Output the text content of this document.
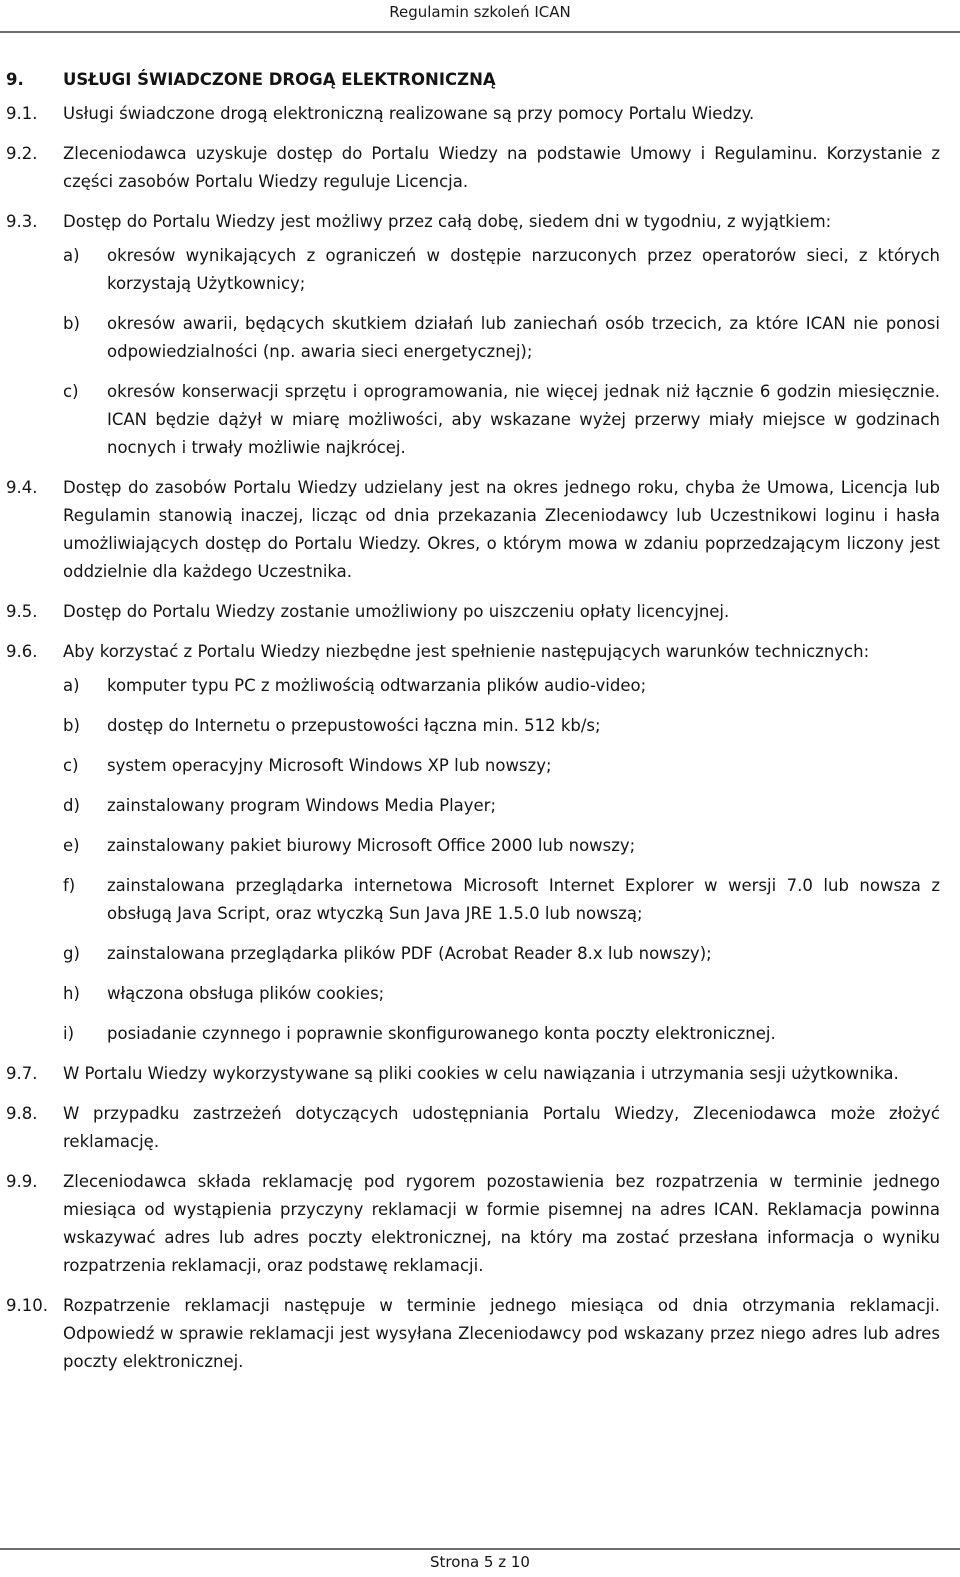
Regulamin szkoleń ICAN
9.	USŁUGI ŚWIADCZONE DROGĄ ELEKTRONICZNĄ
9.1.	Usługi świadczone drogą elektroniczną realizowane są przy pomocy Portalu Wiedzy.
9.2.	Zleceniodawca uzyskuje dostęp do Portalu Wiedzy na podstawie Umowy i Regulaminu. Korzystanie z części zasobów Portalu Wiedzy reguluje Licencja.
9.3.	Dostęp do Portalu Wiedzy jest możliwy przez całą dobę, siedem dni w tygodniu, z wyjątkiem:
a)	okresów wynikających z ograniczeń w dostępie narzuconych przez operatorów sieci, z których korzystają Użytkownicy;
b)	okresów awarii, będących skutkiem działań lub zaniechań osób trzecich, za które ICAN nie ponosi odpowiedzialności (np. awaria sieci energetycznej);
c)	okresów konserwacji sprzętu i oprogramowania, nie więcej jednak niż łącznie 6 godzin miesięcznie. ICAN będzie dążył w miarę możliwości, aby wskazane wyżej przerwy miały miejsce w godzinach nocnych i trwały możliwie najkrócej.
9.4.	Dostęp do zasobów Portalu Wiedzy udzielany jest na okres jednego roku, chyba że Umowa, Licencja lub Regulamin stanowią inaczej, licząc od dnia przekazania Zleceniodawcy lub Uczestnikowi loginu i hasła umożliwiających dostęp do Portalu Wiedzy. Okres, o którym mowa w zdaniu poprzedzającym liczony jest oddzielnie dla każdego Uczestnika.
9.5.	Dostęp do Portalu Wiedzy zostanie umożliwiony po uiszczeniu opłaty licencyjnej.
9.6.	Aby korzystać z Portalu Wiedzy niezbędne jest spełnienie następujących warunków technicznych:
a)	komputer typu PC z możliwością odtwarzania plików audio-video;
b)	dostęp do Internetu o przepustowości łączna min. 512 kb/s;
c)	system operacyjny Microsoft Windows XP lub nowszy;
d)	zainstalowany program Windows Media Player;
e)	zainstalowany pakiet biurowy Microsoft Office 2000 lub nowszy;
f)	zainstalowana przeglądarka internetowa Microsoft Internet Explorer w wersji 7.0 lub nowsza z obsługą Java Script, oraz wtyczką Sun Java JRE 1.5.0 lub nowszą;
g)	zainstalowana przeglądarka plików PDF (Acrobat Reader 8.x lub nowszy);
h)	włączona obsługa plików cookies;
i)	posiadanie czynnego i poprawnie skonfigurowanego konta poczty elektronicznej.
9.7.	W Portalu Wiedzy wykorzystywane są pliki cookies w celu nawiązania i utrzymania sesji użytkownika.
9.8.	W przypadku zastrzeżeń dotyczących udostępniania Portalu Wiedzy, Zleceniodawca może złożyć reklamację.
9.9.	Zleceniodawca składa reklamację pod rygorem pozostawienia bez rozpatrzenia w terminie jednego miesiąca od wystąpienia przyczyny reklamacji w formie pisemnej na adres ICAN. Reklamacja powinna wskazywać adres lub adres poczty elektronicznej, na który ma zostać przesłana informacja o wyniku rozpatrzenia reklamacji, oraz podstawę reklamacji.
9.10. Rozpatrzenie reklamacji następuje w terminie jednego miesiąca od dnia otrzymania reklamacji. Odpowiedź w sprawie reklamacji jest wysyłana Zleceniodawcy pod wskazany przez niego adres lub adres poczty elektronicznej.
Strona 5 z 10
